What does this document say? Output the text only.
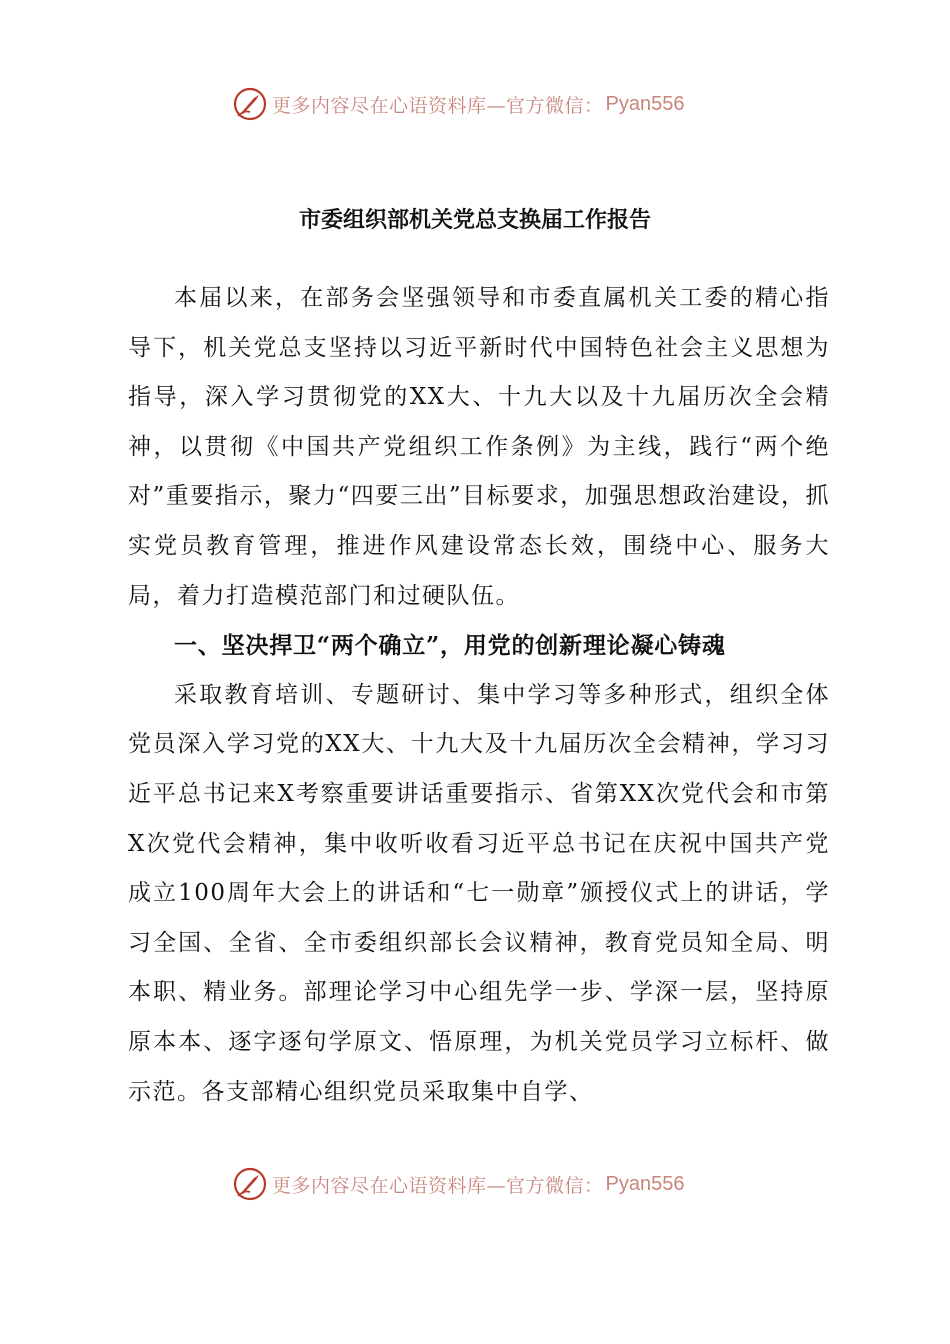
更多内容尽在心语资料库—官方微信： Pyan556
市委组织部机关党总支换届工作报告

本届以来，在部务会坚强领导和市委直属机关工委的精心指导下，机关党总支坚持以习近平新时代中国特色社会主义思想为指导，深入学习贯彻党的XX大、十九大以及十九届历次全会精神，以贯彻《中国共产党组织工作条例》为主线，践行“两个绝对”重要指示，聚力“四要三出”目标要求，加强思想政治建设，抓实党员教育管理，推进作风建设常态长效，围绕中心、服务大局，着力打造模范部门和过硬队伍。

一、坚决捍卫“两个确立”，用党的创新理论凝心铸魂

采取教育培训、专题研讨、集中学习等多种形式，组织全体党员深入学习党的XX大、十九大及十九届历次全会精神，学习习近平总书记来X考察重要讲话重要指示、省第XX次党代会和市第X次党代会精神，集中收听收看习近平总书记在庆祝中国共产党成立100周年大会上的讲话和“七一勋章”颁授仪式上的讲话，学习全国、全省、全市委组织部长会议精神，教育党员知全局、明本职、精业务。部理论学习中心组先学一步、学深一层，坚持原原本本、逐字逐句学原文、悟原理，为机关党员学习立标杆、做示范。各支部精心组织党员采取集中自学、

更多内容尽在心语资料库—官方微信： Pyan556
